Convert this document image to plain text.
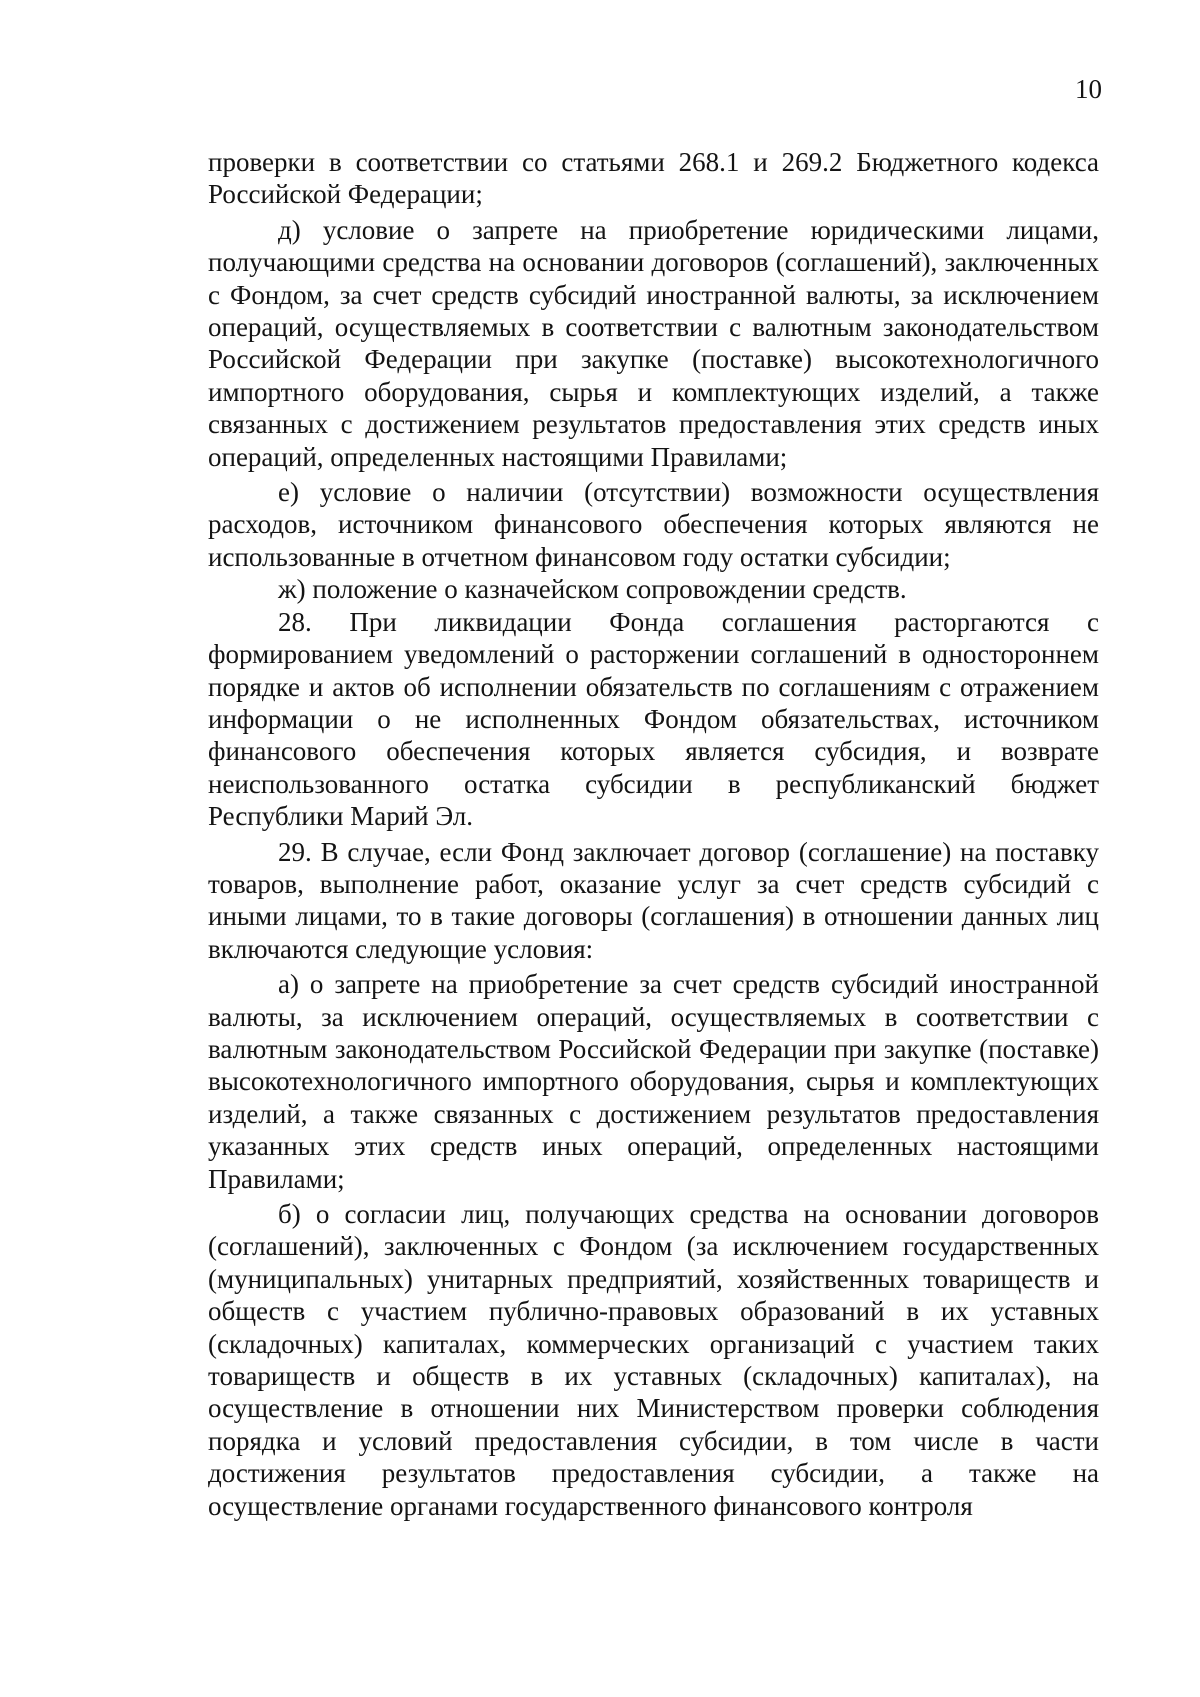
10

проверки в соответствии со статьями 268.1 и 269.2 Бюджетного кодекса Российской Федерации;

д) условие о запрете на приобретение юридическими лицами, получающими средства на основании договоров (соглашений), заключенных с Фондом, за счет средств субсидий иностранной валюты, за исключением операций, осуществляемых в соответствии с валютным законодательством Российской Федерации при закупке (поставке) высокотехнологичного импортного оборудования, сырья и комплектующих изделий, а также связанных с достижением результатов предоставления этих средств иных операций, определенных настоящими Правилами;

е) условие о наличии (отсутствии) возможности осуществления расходов, источником финансового обеспечения которых являются не использованные в отчетном финансовом году остатки субсидии;

ж) положение о казначейском сопровождении средств.

28. При ликвидации Фонда соглашения расторгаются с формированием уведомлений о расторжении соглашений в одностороннем порядке и актов об исполнении обязательств по соглашениям с отражением информации о не исполненных Фондом обязательствах, источником финансового обеспечения которых является субсидия, и возврате неиспользованного остатка субсидии в республиканский бюджет Республики Марий Эл.

29. В случае, если Фонд заключает договор (соглашение) на поставку товаров, выполнение работ, оказание услуг за счет средств субсидий с иными лицами, то в такие договоры (соглашения) в отношении данных лиц включаются следующие условия:

а) о запрете на приобретение за счет средств субсидий иностранной валюты, за исключением операций, осуществляемых в соответствии с валютным законодательством Российской Федерации при закупке (поставке) высокотехнологичного импортного оборудования, сырья и комплектующих изделий, а также связанных с достижением результатов предоставления указанных этих средств иных операций, определенных настоящими Правилами;

б) о согласии лиц, получающих средства на основании договоров (соглашений), заключенных с Фондом (за исключением государственных (муниципальных) унитарных предприятий, хозяйственных товариществ и обществ с участием публично-правовых образований в их уставных (складочных) капиталах, коммерческих организаций с участием таких товариществ и обществ в их уставных (складочных) капиталах), на осуществление в отношении них Министерством проверки соблюдения порядка и условий предоставления субсидии, в том числе в части достижения результатов предоставления субсидии, а также на осуществление органами государственного финансового контроля
